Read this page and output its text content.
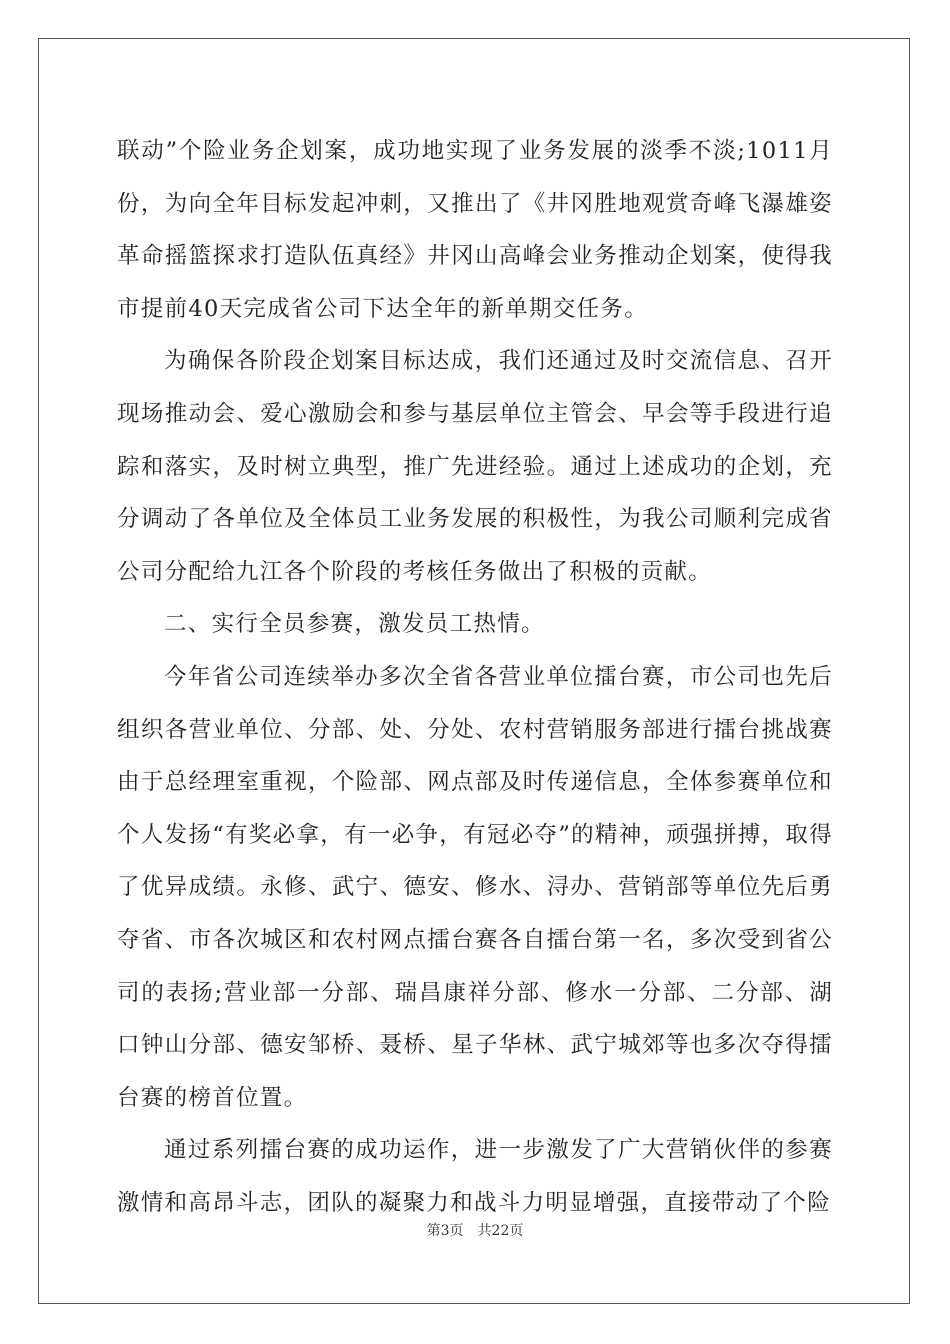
联动”个险业务企划案，成功地实现了业务发展的淡季不淡;1011月份，为向全年目标发起冲刺，又推出了《井冈胜地观赏奇峰飞瀑雄姿革命摇篮探求打造队伍真经》井冈山高峰会业务推动企划案，使得我市提前40天完成省公司下达全年的新单期交任务。

为确保各阶段企划案目标达成，我们还通过及时交流信息、召开现场推动会、爱心激励会和参与基层单位主管会、早会等手段进行追踪和落实，及时树立典型，推广先进经验。通过上述成功的企划，充分调动了各单位及全体员工业务发展的积极性，为我公司顺利完成省公司分配给九江各个阶段的考核任务做出了积极的贡献。

二、实行全员参赛，激发员工热情。

今年省公司连续举办多次全省各营业单位擂台赛，市公司也先后组织各营业单位、分部、处、分处、农村营销服务部进行擂台挑战赛由于总经理室重视，个险部、网点部及时传递信息，全体参赛单位和个人发扬“有奖必拿，有一必争，有冠必夺”的精神，顽强拼搏，取得了优异成绩。永修、武宁、德安、修水、浔办、营销部等单位先后勇夺省、市各次城区和农村网点擂台赛各自擂台第一名，多次受到省公司的表扬;营业部一分部、瑞昌康祥分部、修水一分部、二分部、湖口钟山分部、德安邹桥、聂桥、星子华林、武宁城郊等也多次夺得擂台赛的榜首位置。

通过系列擂台赛的成功运作，进一步激发了广大营销伙伴的参赛激情和高昂斗志，团队的凝聚力和战斗力明显增强，直接带动了个险

第3页 共22页
